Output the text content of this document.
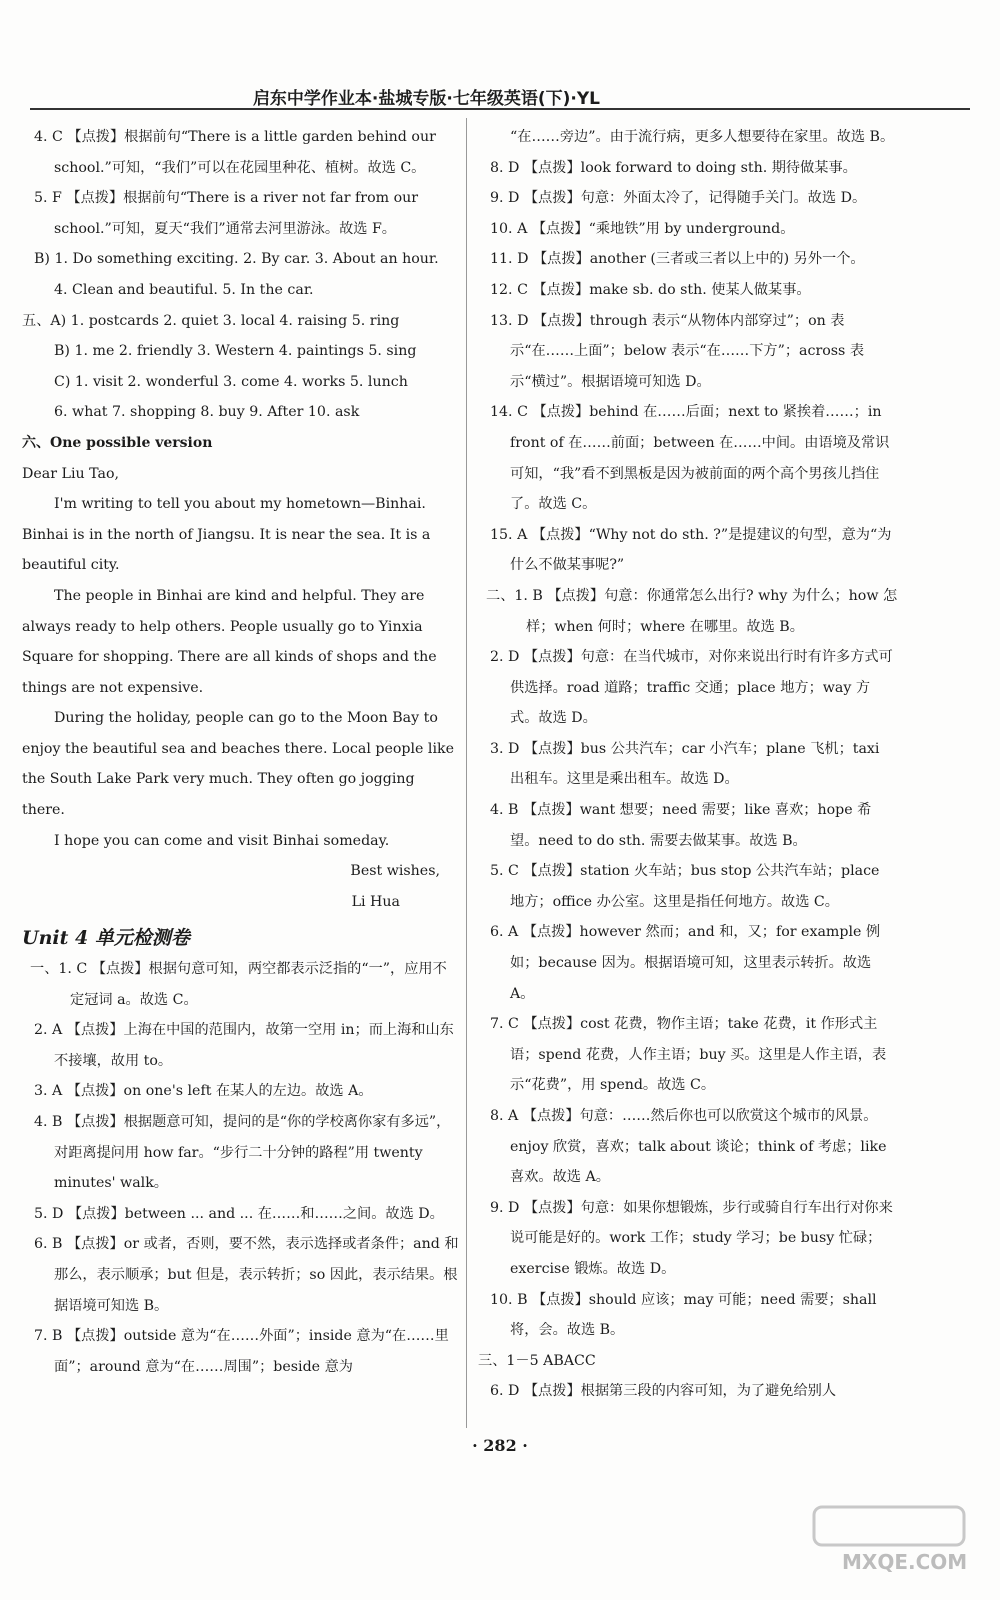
启东中学作业本·盐城专版·七年级英语(下)·YL

4. C 【点拨】根据前句“There is a little garden behind our school.”可知，“我们”可以在花园里种花、植树。故选 C。

5. F 【点拨】根据前句“There is a river not far from our school.”可知，夏天“我们”通常去河里游泳。故选 F。

B) 1. Do something exciting. 2. By car. 3. About an hour.

4. Clean and beautiful. 5. In the car.

五、A) 1. postcards 2. quiet 3. local 4. raising 5. ring

B) 1. me 2. friendly 3. Western 4. paintings 5. sing

C) 1. visit 2. wonderful 3. come 4. works 5. lunch

6. what 7. shopping 8. buy 9. After 10. ask

六、One possible version

Dear Liu Tao,

I'm writing to tell you about my hometown—Binhai. Binhai is in the north of Jiangsu. It is near the sea. It is a beautiful city.

The people in Binhai are kind and helpful. They are always ready to help others. People usually go to Yinxia Square for shopping. There are all kinds of shops and the things are not expensive.

During the holiday, people can go to the Moon Bay to enjoy the beautiful sea and beaches there. Local people like the South Lake Park very much. They often go jogging there.

I hope you can come and visit Binhai someday.

Best wishes,

Li Hua

Unit 4 单元检测卷

一、1. C 【点拨】根据句意可知，两空都表示泛指的“一”，应用不定冠词 a。故选 C。

2. A 【点拨】上海在中国的范围内，故第一空用 in；而上海和山东不接壤，故用 to。

3. A 【点拨】on one's left 在某人的左边。故选 A。

4. B 【点拨】根据题意可知，提问的是“你的学校离你家有多远”，对距离提问用 how far。“步行二十分钟的路程”用 twenty minutes' walk。

5. D 【点拨】between ... and ... 在……和……之间。故选 D。

6. B 【点拨】or 或者，否则，要不然，表示选择或者条件；and 和那么，表示顺承；but 但是，表示转折；so 因此，表示结果。根据语境可知选 B。

7. B 【点拨】outside 意为“在……外面”；inside 意为“在……里面”；around 意为“在……周围”；beside 意为

“在……旁边”。由于流行病，更多人想要待在家里。故选 B。

8. D 【点拨】look forward to doing sth. 期待做某事。

9. D 【点拨】句意：外面太冷了，记得随手关门。故选 D。

10. A 【点拨】“乘地铁”用 by underground。

11. D 【点拨】another (三者或三者以上中的) 另外一个。

12. C 【点拨】make sb. do sth. 使某人做某事。

13. D 【点拨】through 表示“从物体内部穿过”；on 表示“在……上面”；below 表示“在……下方”；across 表示“横过”。根据语境可知选 D。

14. C 【点拨】behind 在……后面；next to 紧挨着……；in front of 在……前面；between 在……中间。由语境及常识可知，“我”看不到黑板是因为被前面的两个高个男孩儿挡住了。故选 C。

15. A 【点拨】“Why not do sth. ?”是提建议的句型，意为“为什么不做某事呢?”

二、1. B 【点拨】句意：你通常怎么出行? why 为什么；how 怎样；when 何时；where 在哪里。故选 B。

2. D 【点拨】句意：在当代城市，对你来说出行时有许多方式可供选择。road 道路；traffic 交通；place 地方；way 方式。故选 D。

3. D 【点拨】bus 公共汽车；car 小汽车；plane 飞机；taxi 出租车。这里是乘出租车。故选 D。

4. B 【点拨】want 想要；need 需要；like 喜欢；hope 希望。need to do sth. 需要去做某事。故选 B。

5. C 【点拨】station 火车站；bus stop 公共汽车站；place 地方；office 办公室。这里是指任何地方。故选 C。

6. A 【点拨】however 然而；and 和，又；for example 例如；because 因为。根据语境可知，这里表示转折。故选 A。

7. C 【点拨】cost 花费，物作主语；take 花费，it 作形式主语；spend 花费，人作主语；buy 买。这里是人作主语，表示“花费”，用 spend。故选 C。

8. A 【点拨】句意：……然后你也可以欣赏这个城市的风景。enjoy 欣赏，喜欢；talk about 谈论；think of 考虑；like 喜欢。故选 A。

9. D 【点拨】句意：如果你想锻炼，步行或骑自行车出行对你来说可能是好的。work 工作；study 学习；be busy 忙碌；exercise 锻炼。故选 D。

10. B 【点拨】should 应该；may 可能；need 需要；shall 将，会。故选 B。

三、1－5 ABACC

6. D 【点拨】根据第三段的内容可知，为了避免给别人

· 282 ·
MXQE.COM
